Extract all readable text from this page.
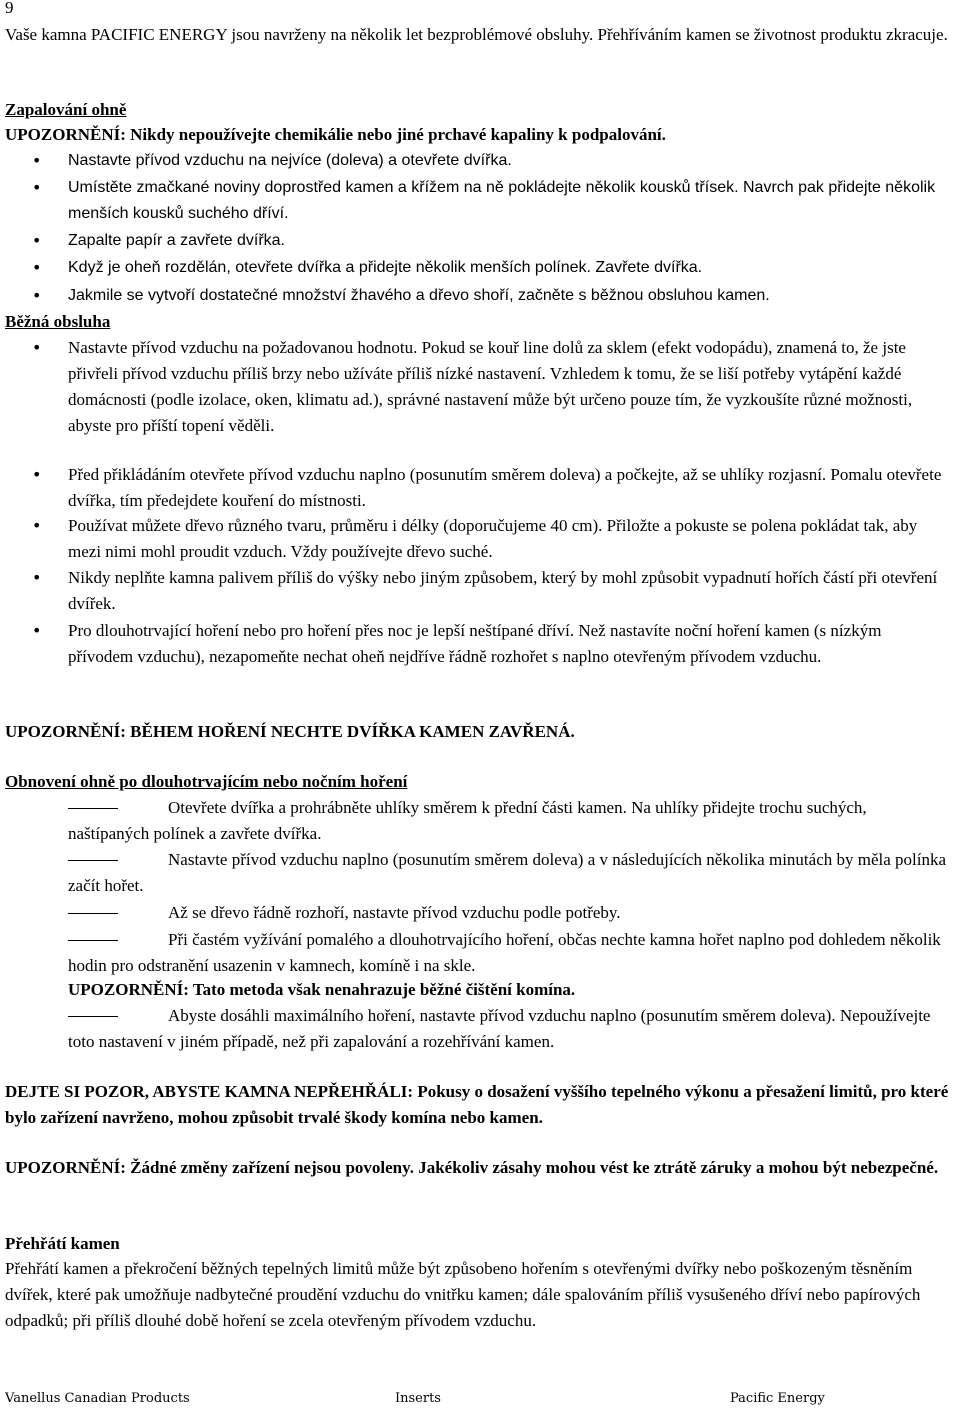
9
Vaše kamna PACIFIC ENERGY jsou navrženy na několik let bezproblémové obsluhy. Přehříváním kamen se životnost produktu zkracuje.
Zapalování ohně
UPOZORNĚNÍ: Nikdy nepoužívejte chemikálie nebo jiné prchavé kapaliny k podpalování.
•
Nastavte přívod vzduchu na nejvíce (doleva) a otevřete dvířka.
•
Umístěte zmačkané noviny doprostřed kamen a křížem na ně pokládejte několik kousků třísek. Navrch pak přidejte několik menších kousků suchého dříví.
•
Zapalte papír a zavřete dvířka.
•
Když je oheň rozdělán, otevřete dvířka a přidejte několik menších polínek. Zavřete dvířka.
•
Jakmile se vytvoří dostatečné množství žhavého a dřevo shoří, začněte s běžnou obsluhou kamen.
Běžná obsluha
•
Nastavte přívod vzduchu na požadovanou hodnotu. Pokud se kouř line dolů za sklem (efekt vodopádu), znamená to, že jste přivřeli přívod vzduchu příliš brzy nebo užíváte příliš nízké nastavení. Vzhledem k tomu, že se liší potřeby vytápění každé domácnosti (podle izolace, oken, klimatu ad.), správné nastavení může být určeno pouze tím, že vyzkoušíte různé možnosti, abyste pro příští topení věděli.
•
Před přikládáním otevřete přívod vzduchu naplno (posunutím směrem doleva) a počkejte, až se uhlíky rozjasní. Pomalu otevřete dvířka, tím předejdete kouření do místnosti.
•
Používat můžete dřevo různého tvaru, průměru i délky (doporučujeme 40 cm). Přiložte a pokuste se polena pokládat tak, aby mezi nimi mohl proudit vzduch. Vždy používejte dřevo suché.
•
Nikdy neplňte kamna palivem příliš do výšky nebo jiným způsobem, který by mohl způsobit vypadnutí hořích částí při otevření dvířek.
•
Pro dlouhotrvající hoření nebo pro hoření přes noc je lepší neštípané dříví. Než nastavíte noční hoření kamen (s nízkým přívodem vzduchu), nezapomeňte nechat oheň nejdříve řádně rozhořet s naplno otevřeným přívodem vzduchu.
UPOZORNĚNÍ: BĚHEM HOŘENÍ NECHTE DVÍŘKA KAMEN ZAVŘENÁ.
Obnovení ohně po dlouhotrvajícím nebo nočním hoření
Otevřete dvířka a prohrábněte uhlíky směrem k přední části kamen. Na uhlíky přidejte trochu suchých, naštípaných polínek a zavřete dvířka.
Nastavte přívod vzduchu naplno (posunutím směrem doleva) a v následujících několika minutách by měla polínka začít hořet.
Až se dřevo řádně rozhoří, nastavte přívod vzduchu podle potřeby.
Při častém vyžívání pomalého a dlouhotrvajícího hoření, občas nechte kamna hořet naplno pod dohledem několik hodin pro odstranění usazenin v kamnech, komíně i na skle.
UPOZORNĚNÍ: Tato metoda však nenahrazuje běžné čištění komína.
Abyste dosáhli maximálního hoření, nastavte přívod vzduchu naplno (posunutím směrem doleva). Nepoužívejte toto nastavení v jiném případě, než při zapalování a rozehřívání kamen.
DEJTE SI POZOR, ABYSTE KAMNA NEPŘEHŘÁLI: Pokusy o dosažení vyššího tepelného výkonu a přesažení limitů, pro které bylo zařízení navrženo, mohou způsobit trvalé škody komína nebo kamen.
UPOZORNĚNÍ: Žádné změny zařízení nejsou povoleny. Jakékoliv zásahy mohou vést ke ztrátě záruky a mohou být nebezpečné.
Přehřátí kamen
Přehřátí kamen a překročení běžných tepelných limitů může být způsobeno hořením s otevřenými dvířky nebo poškozeným těsněním dvířek, které pak umožňuje nadbytečné proudění vzduchu do vnitřku kamen; dále spalováním příliš vysušeného dříví nebo papírových odpadků; při příliš dlouhé době hoření se zcela otevřeným přívodem vzduchu.
Vanellus Canadian Products	Inserts	Pacific Energy
